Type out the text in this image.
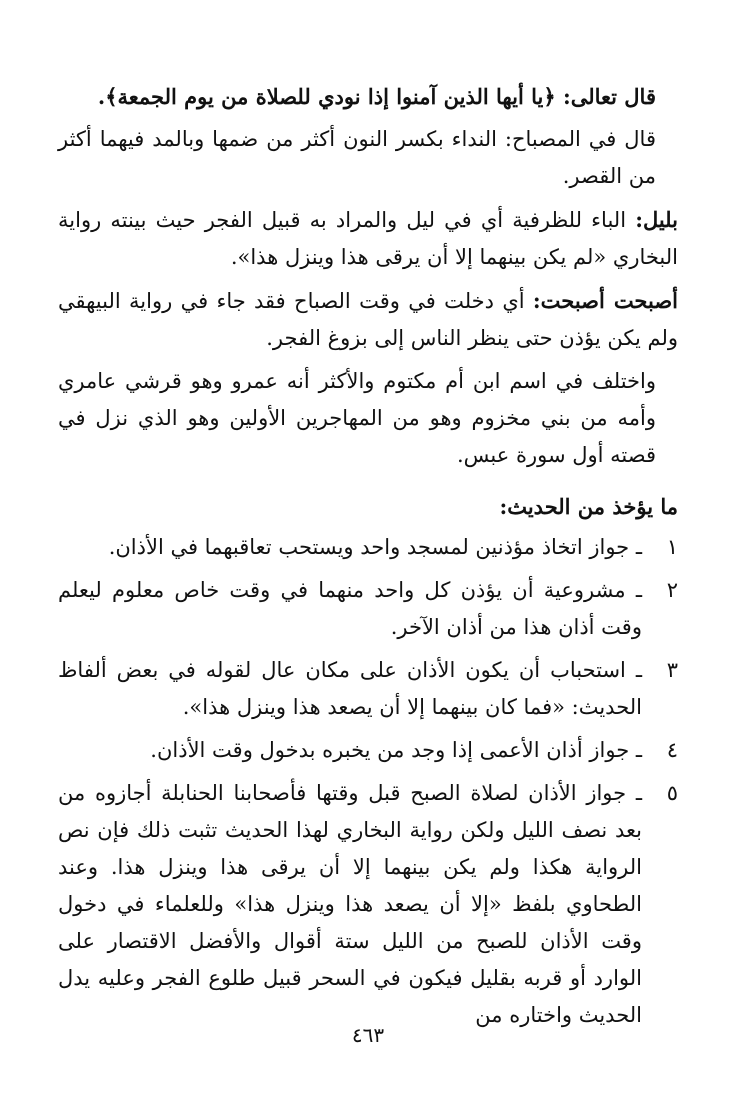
قال تعالى: ﴿يا أيها الذين آمنوا إذا نودي للصلاة من يوم الجمعة﴾.

قال في المصباح: النداء بكسر النون أكثر من ضمها وبالمد فيهما أكثر من القصر.

بليل: الباء للظرفية أي في ليل والمراد به قبيل الفجر حيث بينته رواية البخاري «لم يكن بينهما إلا أن يرقى هذا وينزل هذا».
أصبحت أصبحت: أي دخلت في وقت الصباح فقد جاء في رواية البيهقي ولم يكن يؤذن حتى ينظر الناس إلى بزوغ الفجر.

واختلف في اسم ابن أم مكتوم والأكثر أنه عمرو وهو قرشي عامري وأمه من بني مخزوم وهو من المهاجرين الأولين وهو الذي نزل في قصته أول سورة عبس.

ما يؤخذ من الحديث:

١
ـ جواز اتخاذ مؤذنين لمسجد واحد ويستحب تعاقبهما في الأذان.
٢
ـ مشروعية أن يؤذن كل واحد منهما في وقت خاص معلوم ليعلم وقت أذان هذا من أذان الآخر.
٣
ـ استحباب أن يكون الأذان على مكان عال لقوله في بعض ألفاظ الحديث: «فما كان بينهما إلا أن يصعد هذا وينزل هذا».
٤
ـ جواز أذان الأعمى إذا وجد من يخبره بدخول وقت الأذان.
٥
ـ جواز الأذان لصلاة الصبح قبل وقتها فأصحابنا الحنابلة أجازوه من بعد نصف الليل ولكن رواية البخاري لهذا الحديث تثبت ذلك فإن نص الرواية هكذا ولم يكن بينهما إلا أن يرقى هذا وينزل هذا. وعند الطحاوي بلفظ «إلا أن يصعد هذا وينزل هذا» وللعلماء في دخول وقت الأذان للصبح من الليل ستة أقوال والأفضل الاقتصار على الوارد أو قربه بقليل فيكون في السحر قبيل طلوع الفجر وعليه يدل الحديث واختاره من
٤٦٣
